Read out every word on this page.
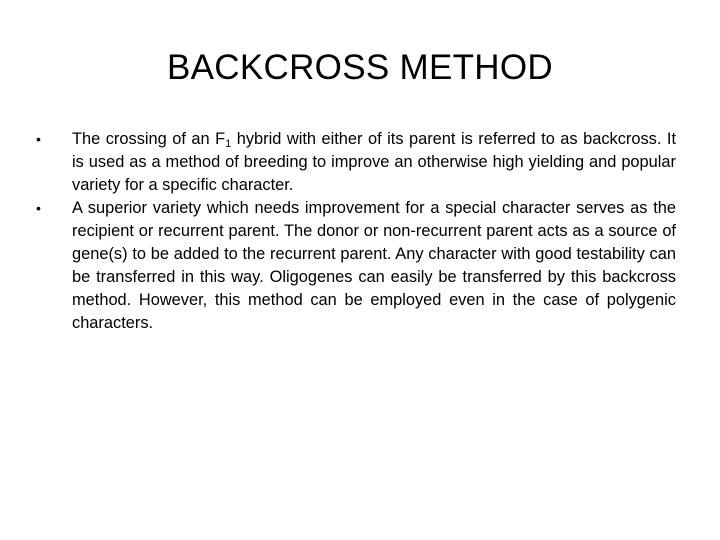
BACKCROSS METHOD
•	The crossing of an $F_1$ hybrid with either of its parent is referred to as backcross. It is used as a method of breeding to improve an otherwise high yielding and popular variety for a specific character.
•	A superior variety which needs improvement for a special character serves as the recipient or recurrent parent. The donor or non-recurrent parent acts as a source of gene(s) to be added to the recurrent parent. Any character with good testability can be transferred in this way. Oligogenes can easily be transferred by this backcross method. However, this method can be employed even in the case of polygenic characters.
